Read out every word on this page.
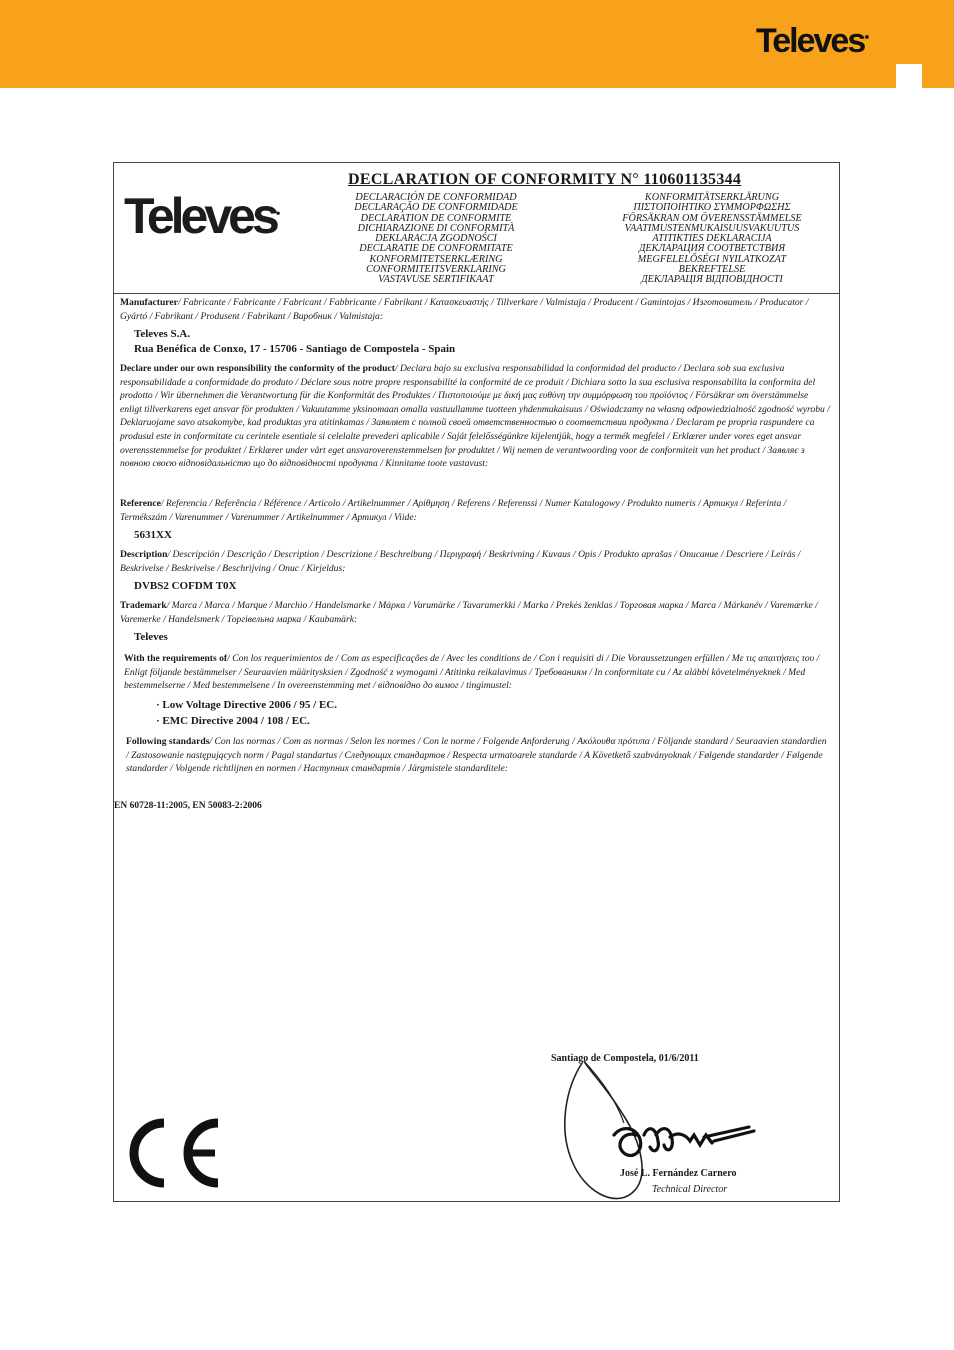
Televes●
Televes●
DECLARATION OF CONFORMITY N° 110601135344
DECLARACIÓN DE CONFORMIDAD
DECLARAÇÃO DE CONFORMIDADE
DECLARATION DE CONFORMITE
DICHIARAZIONE DI CONFORMITÀ
DEKLARACJA ZGODNOŚCI
DECLARATIE DE CONFORMITATE
KONFORMITETSERKLÆRING
CONFORMITEITSVERKLARING
VASTAVUSE SERTIFIKAAT
KONFORMITÄTSERKLÄRUNG
ΠΙΣΤΟΠΟΙΗΤΙΚΟ ΣΥΜΜΟΡΦΩΣΗΣ
FÖRSÄKRAN OM ÖVERENSSTÄMMELSE
VAATIMUSTENMUKAISUUSVAKUUTUS
ATITIKTIES DEKLARACIJA
ДЕКЛАРАЦИЯ СООТВЕТСТВИЯ
MEGFELELŐSÉGI NYILATKOZAT
BEKREFTELSE
ДЕКЛАРАЦІЯ ВІДПОВІДНОСТІ
Manufacturer/ Fabricante / Fabricante / Fabricant / Fabbricante / Fabrikant / Κατασκευαστής / Tillverkare / Valmistaja / Producent / Gamintojas / Изготовитель / Producator / Gyártó / Fabrikant / Produsent / Fabrikant / Виробник / Valmistaja:
Televes S.A.
Rua Benéfica de Conxo, 17 - 15706 - Santiago de Compostela - Spain
Declare under our own responsibility the conformity of the product/ Declara bajo su exclusiva responsabilidad la conformidad del producto / Declara sob sua exclusiva responsabilidade a conformidade do produto / Déclare sous notre propre responsabilité la conformité de ce produit / Dichiara sotto la sua esclusiva responsabilita la conformita del prodotto / Wir übernehmen die Verantwortung für die Konformität des Produktes / Πιστοποιούμε με δική μας ευθύνη την συμμόρφωση του προϊόντος / Försäkrar om överstämmelse enligt tillverkarens eget ansvar för produkten / Vakuutamme yksinomaan omalla vastuullamme tuotteen yhdenmukaisuus / Oświadczamy na własną odpowiedzialność zgodność wyrobu / Deklaruojame savo atsakomybe, kad produktas yra atitinkamas / Заявляет с полной своей ответственностью о соответствии продукта / Declaram pe propria raspundere ca produsul este in conformitate cu cerintele esentiale si celelalte prevederi aplicabile / Saját felelősségünkre kijelentjük, hogy a termék megfelel / Erklærer under vores eget ansvar overensstemmelse for produktet / Erklærer under vårt eget ansvaroverenstemmelsen for produktet / Wij nemen de verantwoording voor de conformiteit van het product / Заявляє з повною своєю відповідальністю що до відповідності продукта / Kinnitame toote vastavust:
Reference/ Referencia / Referência / Référence / Articolo / Artikelnummer / Αρίθμηση / Referens / Referenssi / Numer Katalogowy / Produkto numeris / Артикул / Referinta / Termékszám / Varenummer / Varenummer / Artikelnummer / Артикул / Viide:
5631XX
Description/ Descripción / Descrição / Description / Descrizione / Beschreibung / Περιγραφή / Beskrivning / Kuvaus / Opis / Produkto aprašas / Описание / Descriere / Leírás / Beskrivelse / Beskrivelse / Beschrijving / Опис / Kirjeldus:
DVBS2 COFDM T0X
Trademark/ Marca / Marca / Marque / Marchio / Handelsmarke / Μάρκα / Varumärke / Tavaramerkki / Marka / Prekės ženklas / Торговая марка / Marca / Márkanév / Varemærke / Varemerke / Handelsmerk / Торгівельна марка / Kaubamärk:
Televes
With the requirements of/ Con los requerimientos de / Com as especificações de / Avec les conditions de / Con i requisiti di / Die Voraussetzungen erfüllen / Με τις απαιτήσεις του / Enligt följande bestämmelser / Seuraavien määritysksien / Zgodność z wymogami / Atitinka reikalavimus / Требованиям / In conformitate cu / Az alábbi követelményeknek / Med bestemmelserne / Med bestemmelsene / In overeenstemming met / відповідно до вимог / tingimustel:
· Low Voltage Directive 2006 / 95 / EC.
· EMC Directive 2004 / 108 / EC.
Following standards/ Con las normas / Com as normas / Selon les normes / Con le norme / Folgende Anforderung / Ακόλουθα πρότυπα / Följande standard / Seuraavien standardien / Zastosowanie następujących norm / Pagal standartus / Следующих стандартов / Respecta urmatoarele standarde / A Követkető szabványoknak / Følgende standarder / Følgende standarder / Volgende richtlijnen en normen / Наступних стандартів / Järgmistele standarditele:
EN 60728-11:2005, EN 50083-2:2006
Santiago de Compostela, 01/6/2011
José L. Fernández Carnero
Technical Director
